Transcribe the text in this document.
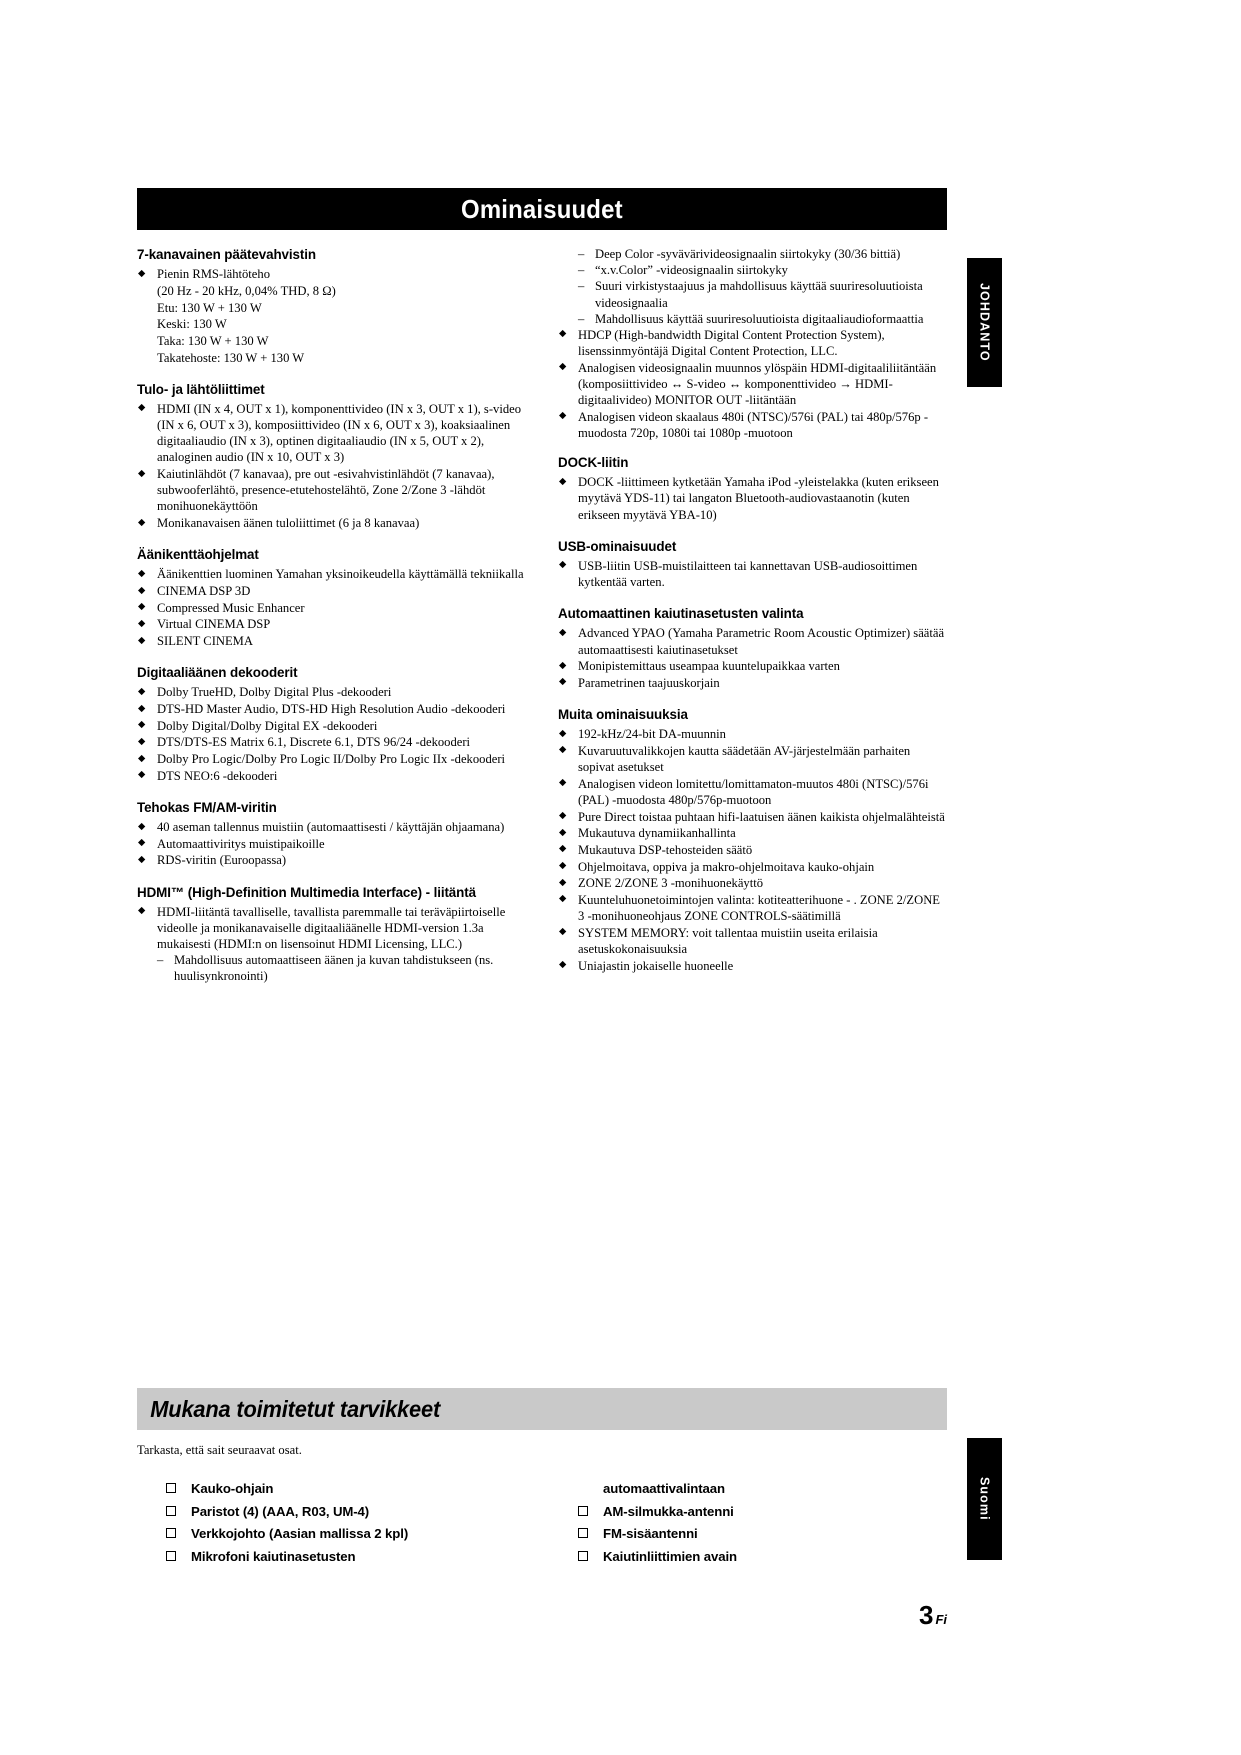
Ominaisuudet
7-kanavainen päätevahvistin
◆ Pienin RMS-lähtöteho
(20 Hz - 20 kHz, 0,04% THD, 8 Ω)
Etu: 130 W + 130 W
Keski: 130 W
Taka: 130 W + 130 W
Takatehoste: 130 W + 130 W
Tulo- ja lähtöliittimet
◆ HDMI (IN x 4, OUT x 1), komponenttivideo (IN x 3, OUT x 1), s-video (IN x 6, OUT x 3), komposiittivideo (IN x 6, OUT x 3), koaksiaalinen digitaaliaudio (IN x 3), optinen digitaaliaudio (IN x 5, OUT x 2), analoginen audio (IN x 10, OUT x 3)
◆ Kaiutinlähdöt (7 kanavaa), pre out -esivahvistinlähdöt (7 kanavaa), subwooferlähtö, presence-etutehostelähtö, Zone 2/Zone 3 -lähdöt monihuonekäyttöön
◆ Monikanavaisen äänen tuloliittimet (6 ja 8 kanavaa)
Äänikenttäohjelmat
◆ Äänikenttien luominen Yamahan yksinoikeudella käyttämällä tekniikalla
◆ CINEMA DSP 3D
◆ Compressed Music Enhancer
◆ Virtual CINEMA DSP
◆ SILENT CINEMA
Digitaaliäänen dekooderit
◆ Dolby TrueHD, Dolby Digital Plus -dekooderi
◆ DTS-HD Master Audio, DTS-HD High Resolution Audio -dekooderi
◆ Dolby Digital/Dolby Digital EX -dekooderi
◆ DTS/DTS-ES Matrix 6.1, Discrete 6.1, DTS 96/24 -dekooderi
◆ Dolby Pro Logic/Dolby Pro Logic II/Dolby Pro Logic IIx -dekooderi
◆ DTS NEO:6 -dekooderi
Tehokas FM/AM-viritin
◆ 40 aseman tallennus muistiin (automaattisesti / käyttäjän ohjaamana)
◆ Automaattiviritys muistipaikoille
◆ RDS-viritin (Euroopassa)
HDMI™ (High-Definition Multimedia Interface) - liitäntä
◆ HDMI-liitäntä tavalliselle, tavallista paremmalle tai teräväpiirtoiselle videolle ja monikanavaiselle digitaaliäänelle HDMI-version 1.3a mukaisesti (HDMI:n on lisensoinut HDMI Licensing, LLC.)
– Mahdollisuus automaattiseen äänen ja kuvan tahdistukseen (ns. huulisynkronointi)
– Deep Color -syvävärivideosignaalin siirtokyky (30/36 bittiä)
– “x.v.Color” -videosignaalin siirtokyky
– Suuri virkistystaajuus ja mahdollisuus käyttää suuriresoluutioista videosignaalia
– Mahdollisuus käyttää suuriresoluutioista digitaaliaudioformaattia
◆ HDCP (High-bandwidth Digital Content Protection System), lisenssinmyöntäjä Digital Content Protection, LLC.
◆ Analogisen videosignaalin muunnos ylöspäin HDMI-digitaaliliitäntään (komposiittivideo ↔ S-video ↔ komponenttivideo → HDMI-digitaalivideo) MONITOR OUT -liitäntään
◆ Analogisen videon skaalaus 480i (NTSC)/576i (PAL) tai 480p/576p -muodosta 720p, 1080i tai 1080p -muotoon
DOCK-liitin
◆ DOCK -liittimeen kytketään Yamaha iPod -yleistelakka (kuten erikseen myytävä YDS-11) tai langaton Bluetooth-audiovastaanotin (kuten erikseen myytävä YBA-10)
USB-ominaisuudet
◆ USB-liitin USB-muistilaitteen tai kannettavan USB-audiosoittimen kytkentää varten.
Automaattinen kaiutinasetusten valinta
◆ Advanced YPAO (Yamaha Parametric Room Acoustic Optimizer) säätää automaattisesti kaiutinasetukset
◆ Monipistemittaus useampaa kuuntelupaikkaa varten
◆ Parametrinen taajuuskorjain
Muita ominaisuuksia
◆ 192-kHz/24-bit DA-muunnin
◆ Kuvaruutuvalikkojen kautta säädetään AV-järjestelmään parhaiten sopivat asetukset
◆ Analogisen videon lomitettu/lomittamaton-muutos 480i (NTSC)/576i (PAL) -muodosta 480p/576p-muotoon
◆ Pure Direct toistaa puhtaan hifi-laatuisen äänen kaikista ohjelmalähteistä
◆ Mukautuva dynamiikanhallinta
◆ Mukautuva DSP-tehosteiden säätö
◆ Ohjelmoitava, oppiva ja makro-ohjelmoitava kauko-ohjain
◆ ZONE 2/ZONE 3 -monihuonekäyttö
◆ Kuunteluhuonetoimintojen valinta: kotiteatterihuone - . ZONE 2/ZONE 3 -monihuoneohjaus ZONE CONTROLS-säätimillä
◆ SYSTEM MEMORY: voit tallentaa muistiin useita erilaisia asetuskokonaisuuksia
◆ Uniajastin jokaiselle huoneelle
Mukana toimitetut tarvikkeet
Tarkasta, että sait seuraavat osat.
Kauko-ohjain
Paristot (4) (AAA, R03, UM-4)
Verkkojohto (Aasian mallissa 2 kpl)
Mikrofoni kaiutinasetusten
automaattivalintaan
AM-silmukka-antenni
FM-sisäantenni
Kaiutinliittimien avain
JOHDANTO
Suomi
3 Fi
